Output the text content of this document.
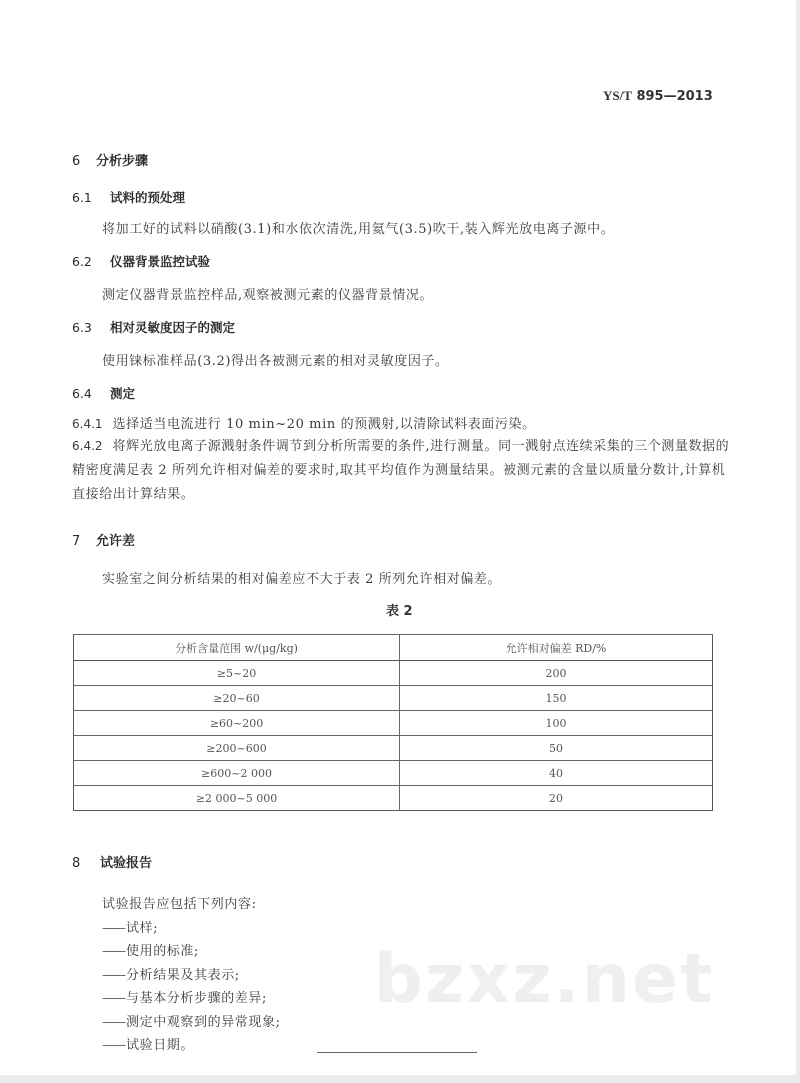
YS/T 895—2013
6 分析步骤
6.1 试料的预处理
将加工好的试料以硝酸(3.1)和水依次清洗,用氦气(3.5)吹干,装入辉光放电离子源中。
6.2 仪器背景监控试验
测定仪器背景监控样品,观察被测元素的仪器背景情况。
6.3 相对灵敏度因子的测定
使用铼标准样品(3.2)得出各被测元素的相对灵敏度因子。
6.4 测定
6.4.1 选择适当电流进行 10 min~20 min 的预溅射,以清除试料表面污染。
6.4.2 将辉光放电离子源溅射条件调节到分析所需要的条件,进行测量。同一溅射点连续采集的三个测量数据的精密度满足表 2 所列允许相对偏差的要求时,取其平均值作为测量结果。被测元素的含量以质量分数计,计算机直接给出计算结果。
7 允许差
实验室之间分析结果的相对偏差应不大于表 2 所列允许相对偏差。
表 2
分析含量范围 w/(μg/kg)	允许相对偏差 RD/%
≥5~20	200
≥20~60	150
≥60~200	100
≥200~600	50
≥600~2 000	40
≥2 000~5 000	20
8 试验报告
试验报告应包括下列内容:
—— 试样;
—— 使用的标准;
—— 分析结果及其表示;
—— 与基本分析步骤的差异;
—— 测定中观察到的异常现象;
—— 试验日期。
bzxz.net
